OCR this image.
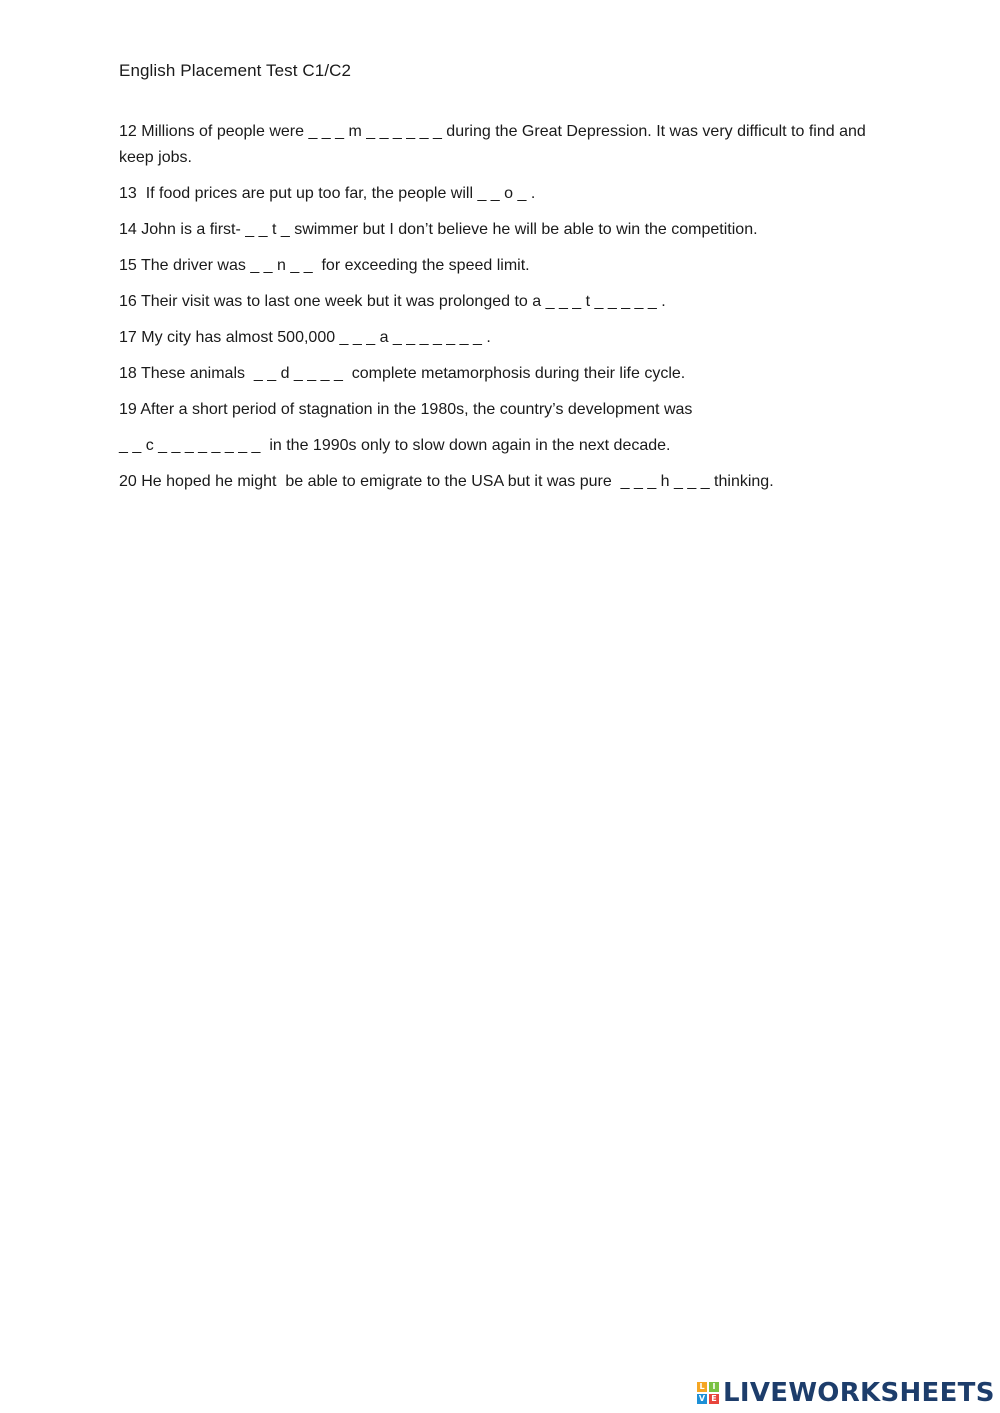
English Placement Test C1/C2

12 Millions of people were _ _ _ m _ _ _ _ _ _ during the Great Depression. It was very difficult to find and keep jobs.

13  If food prices are put up too far, the people will _ _ o _ .

14 John is a first- _ _ t _ swimmer but I don’t believe he will be able to win the competition.

15 The driver was _ _ n _ _  for exceeding the speed limit.

16 Their visit was to last one week but it was prolonged to a _ _ _ t _ _ _ _ _ .

17 My city has almost 500,000 _ _ _ a _ _ _ _ _ _ _ .

18 These animals  _ _ d _ _ _ _  complete metamorphosis during their life cycle.

19 After a short period of stagnation in the 1980s, the country’s development was

_ _ c _ _ _ _ _ _ _ _  in the 1990s only to slow down again in the next decade.

20 He hoped he might  be able to emigrate to the USA but it was pure  _ _ _ h _ _ _ thinking.

L I
V E LIVEWORKSHEETS
